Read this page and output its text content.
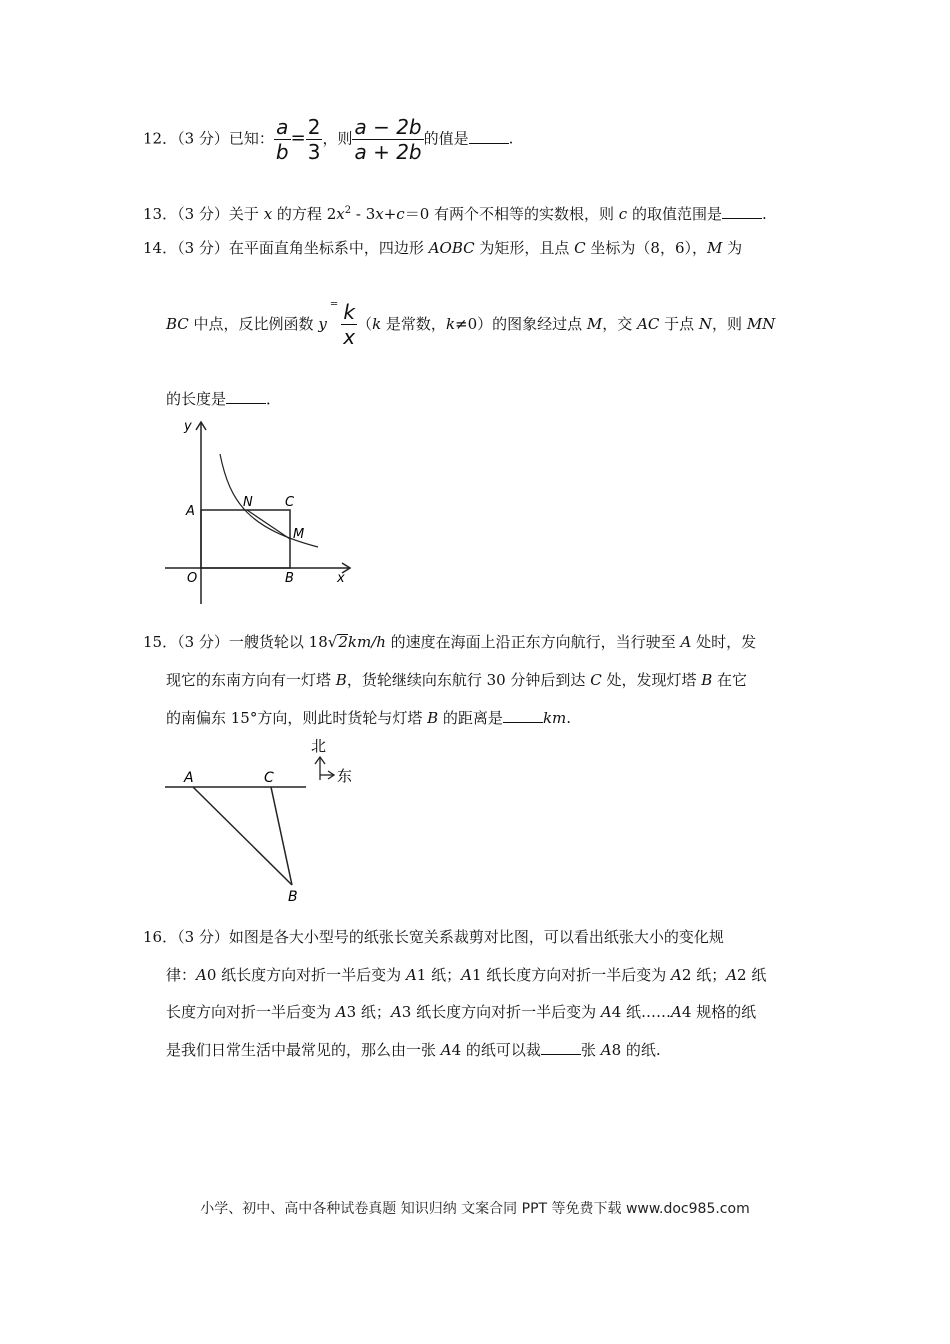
12．（3 分）已知： $\frac{a}{b} = \frac{2}{3}$ ，则 $\frac{a - 2b}{a + 2b}$ 的值是	.
13．（3 分）关于 x 的方程 $2x^2 - 3x+c=0$ 有两个不相等的实数根，则 c 的取值范围是	.
14．（3 分）在平面直角坐标系中，四边形 AOBC 为矩形，且点 C 坐标为（8，6），M 为
BC 中点，反比例函数 $y^= \frac{k}{x} (k$ 是常数，k≠0）的图象经过点 M，交 AC 于点 N，则 MN
的长度是	．
y
x
A
N C
M
O	B
15．（3 分）一艘货轮以 18√2km/h 的速度在海面上沿正东方向航行，当行驶至 A 处时，发
现它的东南方向有一灯塔 B，货轮继续向东航行 30 分钟后到达 C 处，发现灯塔 B 在它
的南偏东 15°方向，则此时货轮与灯塔 B 的距离是	km.
北
东
A	C
B
16．（3 分）如图是各大小型号的纸张长宽关系裁剪对比图，可以看出纸张大小的变化规
律：A0 纸长度方向对折一半后变为 A1 纸；A1 纸长度方向对折一半后变为 A2 纸；A2 纸
长度方向对折一半后变为 A3 纸；A3 纸长度方向对折一半后变为 A4 纸……A4 规格的纸
是我们日常生活中最常见的，那么由一张 A4 的纸可以裁	张 A8 的纸.
小学、初中、高中各种试卷真题 知识归纳 文案合同 PPT 等免费下载 www.doc985.com
